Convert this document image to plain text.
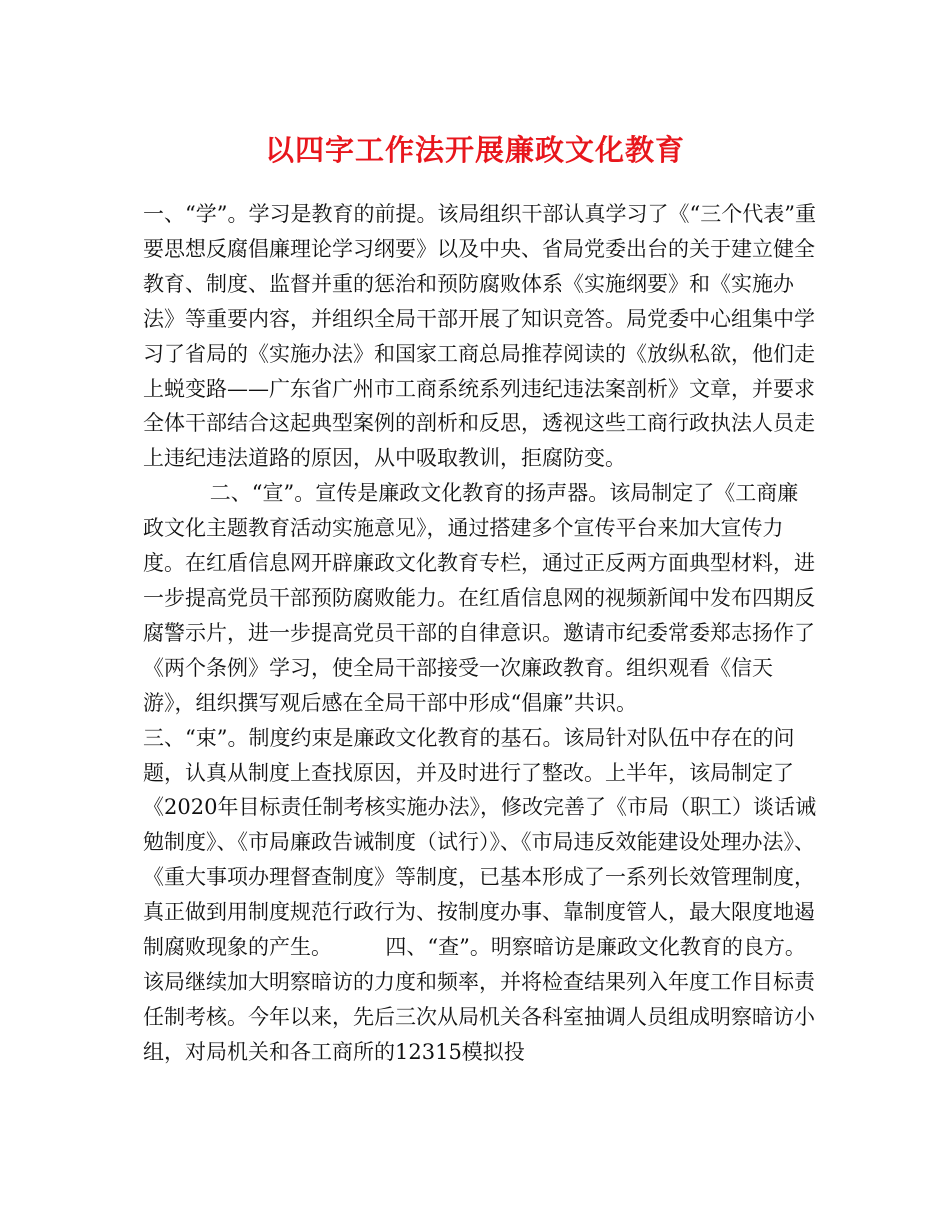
以四字工作法开展廉政文化教育

一、“学”。学习是教育的前提。该局组织干部认真学习了《“三个代表”重要思想反腐倡廉理论学习纲要》以及中央、省局党委出台的关于建立健全教育、制度、监督并重的惩治和预防腐败体系《实施纲要》和《实施办法》等重要内容，并组织全局干部开展了知识竞答。局党委中心组集中学习了省局的《实施办法》和国家工商总局推荐阅读的《放纵私欲，他们走上蜕变路——广东省广州市工商系统系列违纪违法案剖析》文章，并要求全体干部结合这起典型案例的剖析和反思，透视这些工商行政执法人员走上违纪违法道路的原因，从中吸取教训，拒腐防变。
二、“宣”。宣传是廉政文化教育的扬声器。该局制定了《工商廉政文化主题教育活动实施意见》，通过搭建多个宣传平台来加大宣传力度。在红盾信息网开辟廉政文化教育专栏，通过正反两方面典型材料，进一步提高党员干部预防腐败能力。在红盾信息网的视频新闻中发布四期反腐警示片，进一步提高党员干部的自律意识。邀请市纪委常委郑志扬作了《两个条例》学习，使全局干部接受一次廉政教育。组织观看《信天游》，组织撰写观后感在全局干部中形成“倡廉”共识。
三、“束”。制度约束是廉政文化教育的基石。该局针对队伍中存在的问题，认真从制度上查找原因，并及时进行了整改。上半年，该局制定了《2020年目标责任制考核实施办法》，修改完善了《市局（职工）谈话诫勉制度》、《市局廉政告诫制度（试行）》、《市局违反效能建设处理办法》、《重大事项办理督查制度》等制度，已基本形成了一系列长效管理制度，真正做到用制度规范行政行为、按制度办事、靠制度管人，最大限度地遏制腐败现象的产生。        四、“查”。明察暗访是廉政文化教育的良方。该局继续加大明察暗访的力度和频率，并将检查结果列入年度工作目标责任制考核。今年以来，先后三次从局机关各科室抽调人员组成明察暗访小组，对局机关和各工商所的12315模拟投
